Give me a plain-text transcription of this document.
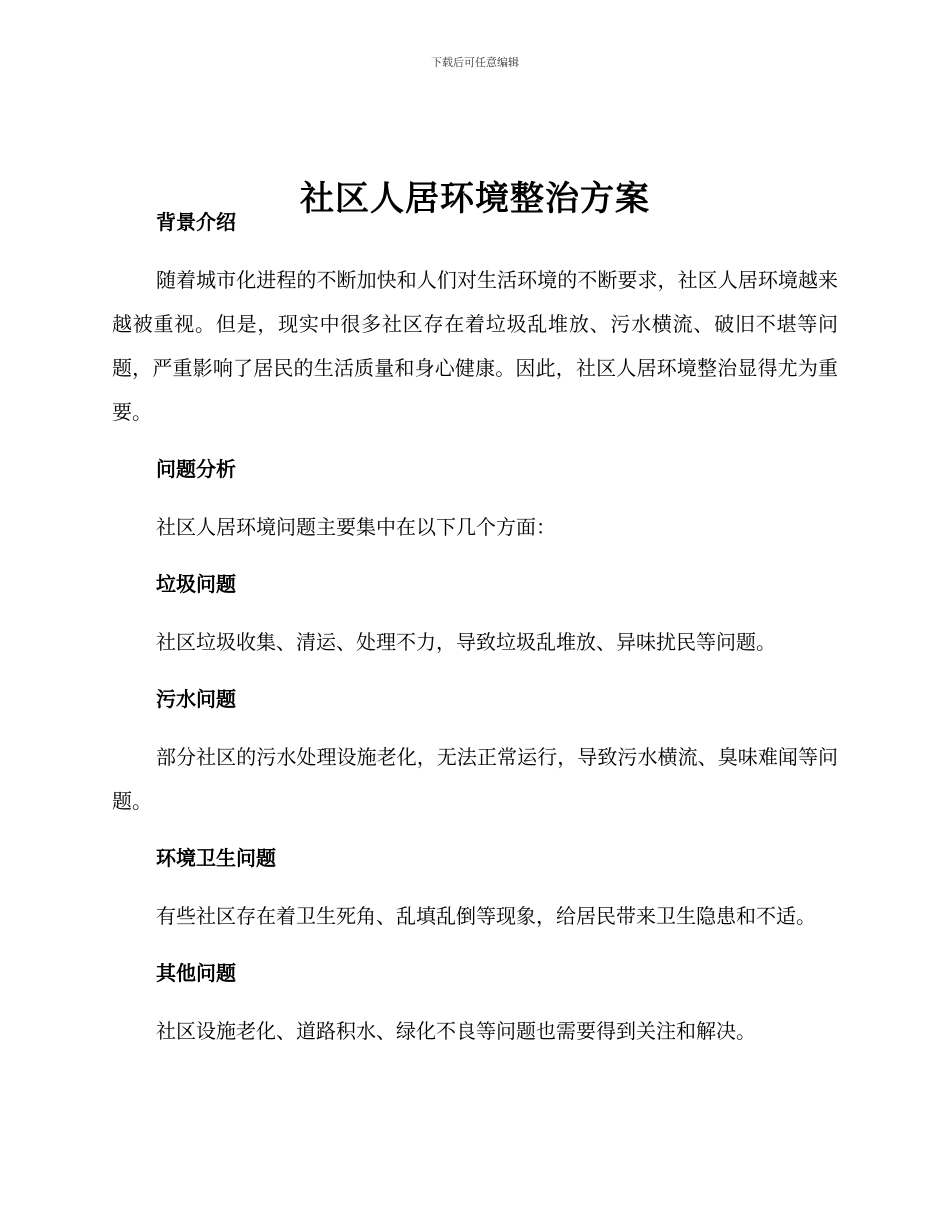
下载后可任意编辑
社区人居环境整治方案
背景介绍

随着城市化进程的不断加快和人们对生活环境的不断要求，社区人居环境越来越被重视。但是，现实中很多社区存在着垃圾乱堆放、污水横流、破旧不堪等问题，严重影响了居民的生活质量和身心健康。因此，社区人居环境整治显得尤为重要。

问题分析

社区人居环境问题主要集中在以下几个方面：

垃圾问题

社区垃圾收集、清运、处理不力，导致垃圾乱堆放、异味扰民等问题。

污水问题

部分社区的污水处理设施老化，无法正常运行，导致污水横流、臭味难闻等问题。

环境卫生问题

有些社区存在着卫生死角、乱填乱倒等现象，给居民带来卫生隐患和不适。

其他问题

社区设施老化、道路积水、绿化不良等问题也需要得到关注和解决。
